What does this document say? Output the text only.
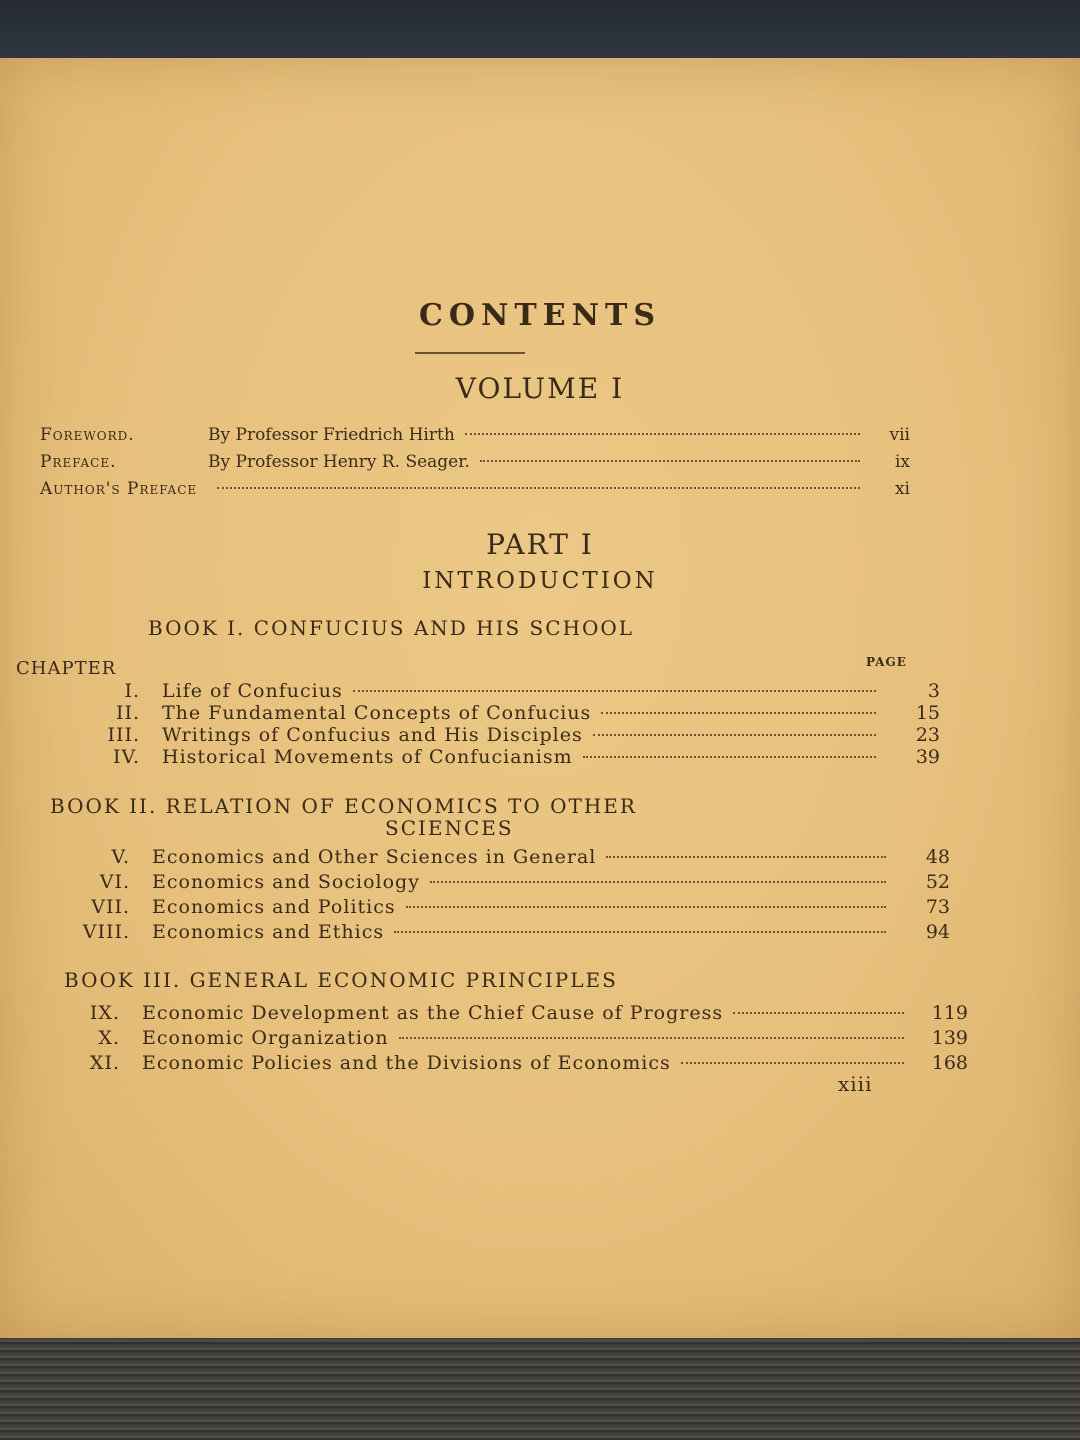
CONTENTS
VOLUME I
Foreword.	By Professor Friedrich Hirth	vii
Preface.	By Professor Henry R. Seager.	ix
Author's Preface	xi
PART I
INTRODUCTION
BOOK I. CONFUCIUS AND HIS SCHOOL
CHAPTER	PAGE
I.	Life of Confucius	3
II.	The Fundamental Concepts of Confucius	15
III.	Writings of Confucius and His Disciples	23
IV.	Historical Movements of Confucianism	39
BOOK II. RELATION OF ECONOMICS TO OTHER
SCIENCES
V.	Economics and Other Sciences in General	48
VI.	Economics and Sociology	52
VII.	Economics and Politics	73
VIII.	Economics and Ethics	94
BOOK III. GENERAL ECONOMIC PRINCIPLES
IX.	Economic Development as the Chief Cause of Progress	119
X.	Economic Organization	139
XI.	Economic Policies and the Divisions of Economics	168
xiii
